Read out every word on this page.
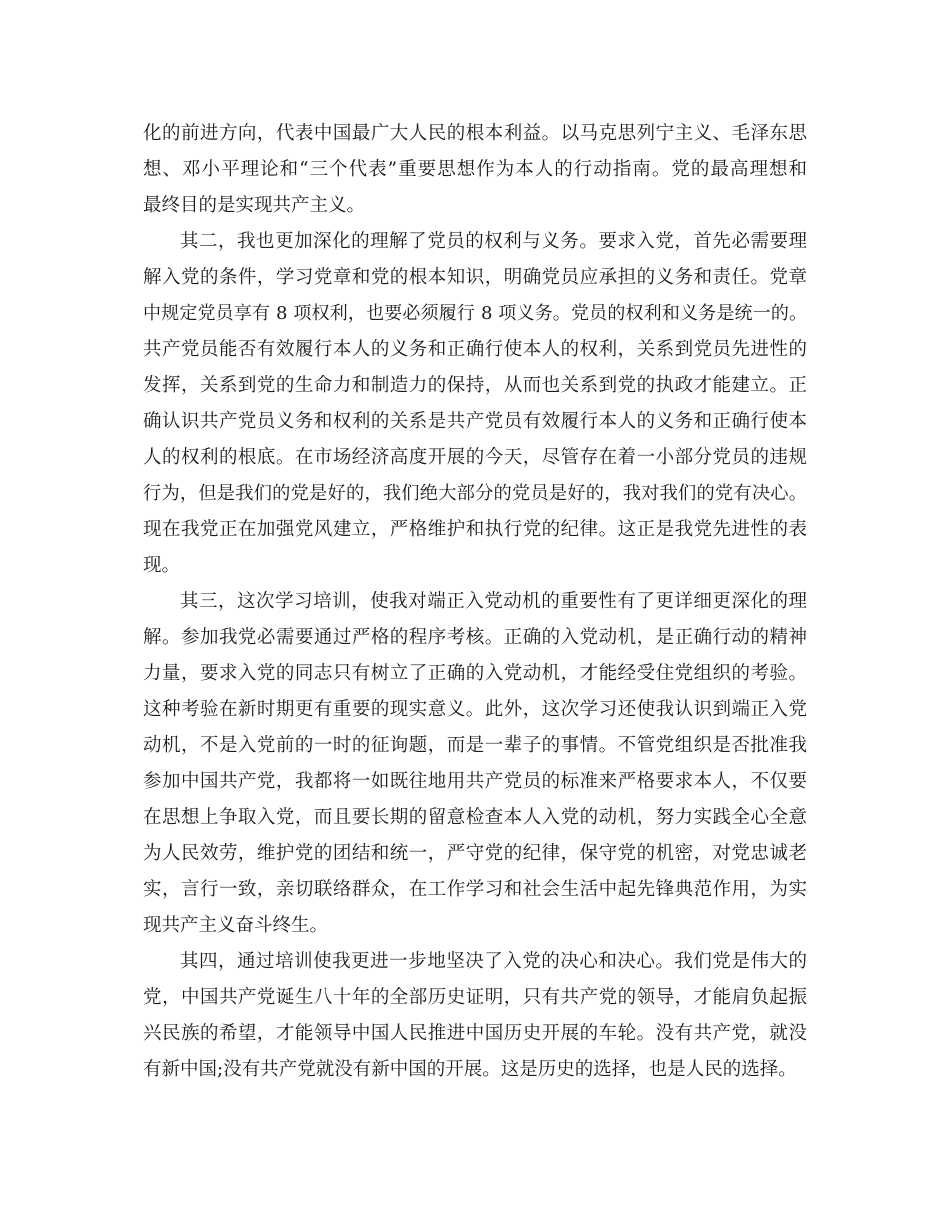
化的前进方向，代表中国最广大人民的根本利益。以马克思列宁主义、毛泽东思
想、邓小平理论和“三个代表”重要思想作为本人的行动指南。党的最高理想和
最终目的是实现共产主义。
其二，我也更加深化的理解了党员的权利与义务。要求入党，首先必需要理
解入党的条件，学习党章和党的根本知识，明确党员应承担的义务和责任。党章
中规定党员享有 8 项权利，也要必须履行 8 项义务。党员的权利和义务是统一的。
共产党员能否有效履行本人的义务和正确行使本人的权利，关系到党员先进性的
发挥，关系到党的生命力和制造力的保持，从而也关系到党的执政才能建立。正
确认识共产党员义务和权利的关系是共产党员有效履行本人的义务和正确行使本
人的权利的根底。在市场经济高度开展的今天，尽管存在着一小部分党员的违规
行为，但是我们的党是好的，我们绝大部分的党员是好的，我对我们的党有决心。
现在我党正在加强党风建立，严格维护和执行党的纪律。这正是我党先进性的表
现。
其三，这次学习培训，使我对端正入党动机的重要性有了更详细更深化的理
解。参加我党必需要通过严格的程序考核。正确的入党动机，是正确行动的精神
力量，要求入党的同志只有树立了正确的入党动机，才能经受住党组织的考验。
这种考验在新时期更有重要的现实意义。此外，这次学习还使我认识到端正入党
动机，不是入党前的一时的征询题，而是一辈子的事情。不管党组织是否批准我
参加中国共产党，我都将一如既往地用共产党员的标准来严格要求本人，不仅要
在思想上争取入党，而且要长期的留意检查本人入党的动机，努力实践全心全意
为人民效劳，维护党的团结和统一，严守党的纪律，保守党的机密，对党忠诚老
实，言行一致，亲切联络群众，在工作学习和社会生活中起先锋典范作用，为实
现共产主义奋斗终生。
其四，通过培训使我更进一步地坚决了入党的决心和决心。我们党是伟大的
党，中国共产党诞生八十年的全部历史证明，只有共产党的领导，才能肩负起振
兴民族的希望，才能领导中国人民推进中国历史开展的车轮。没有共产党，就没
有新中国;没有共产党就没有新中国的开展。这是历史的选择，也是人民的选择。
